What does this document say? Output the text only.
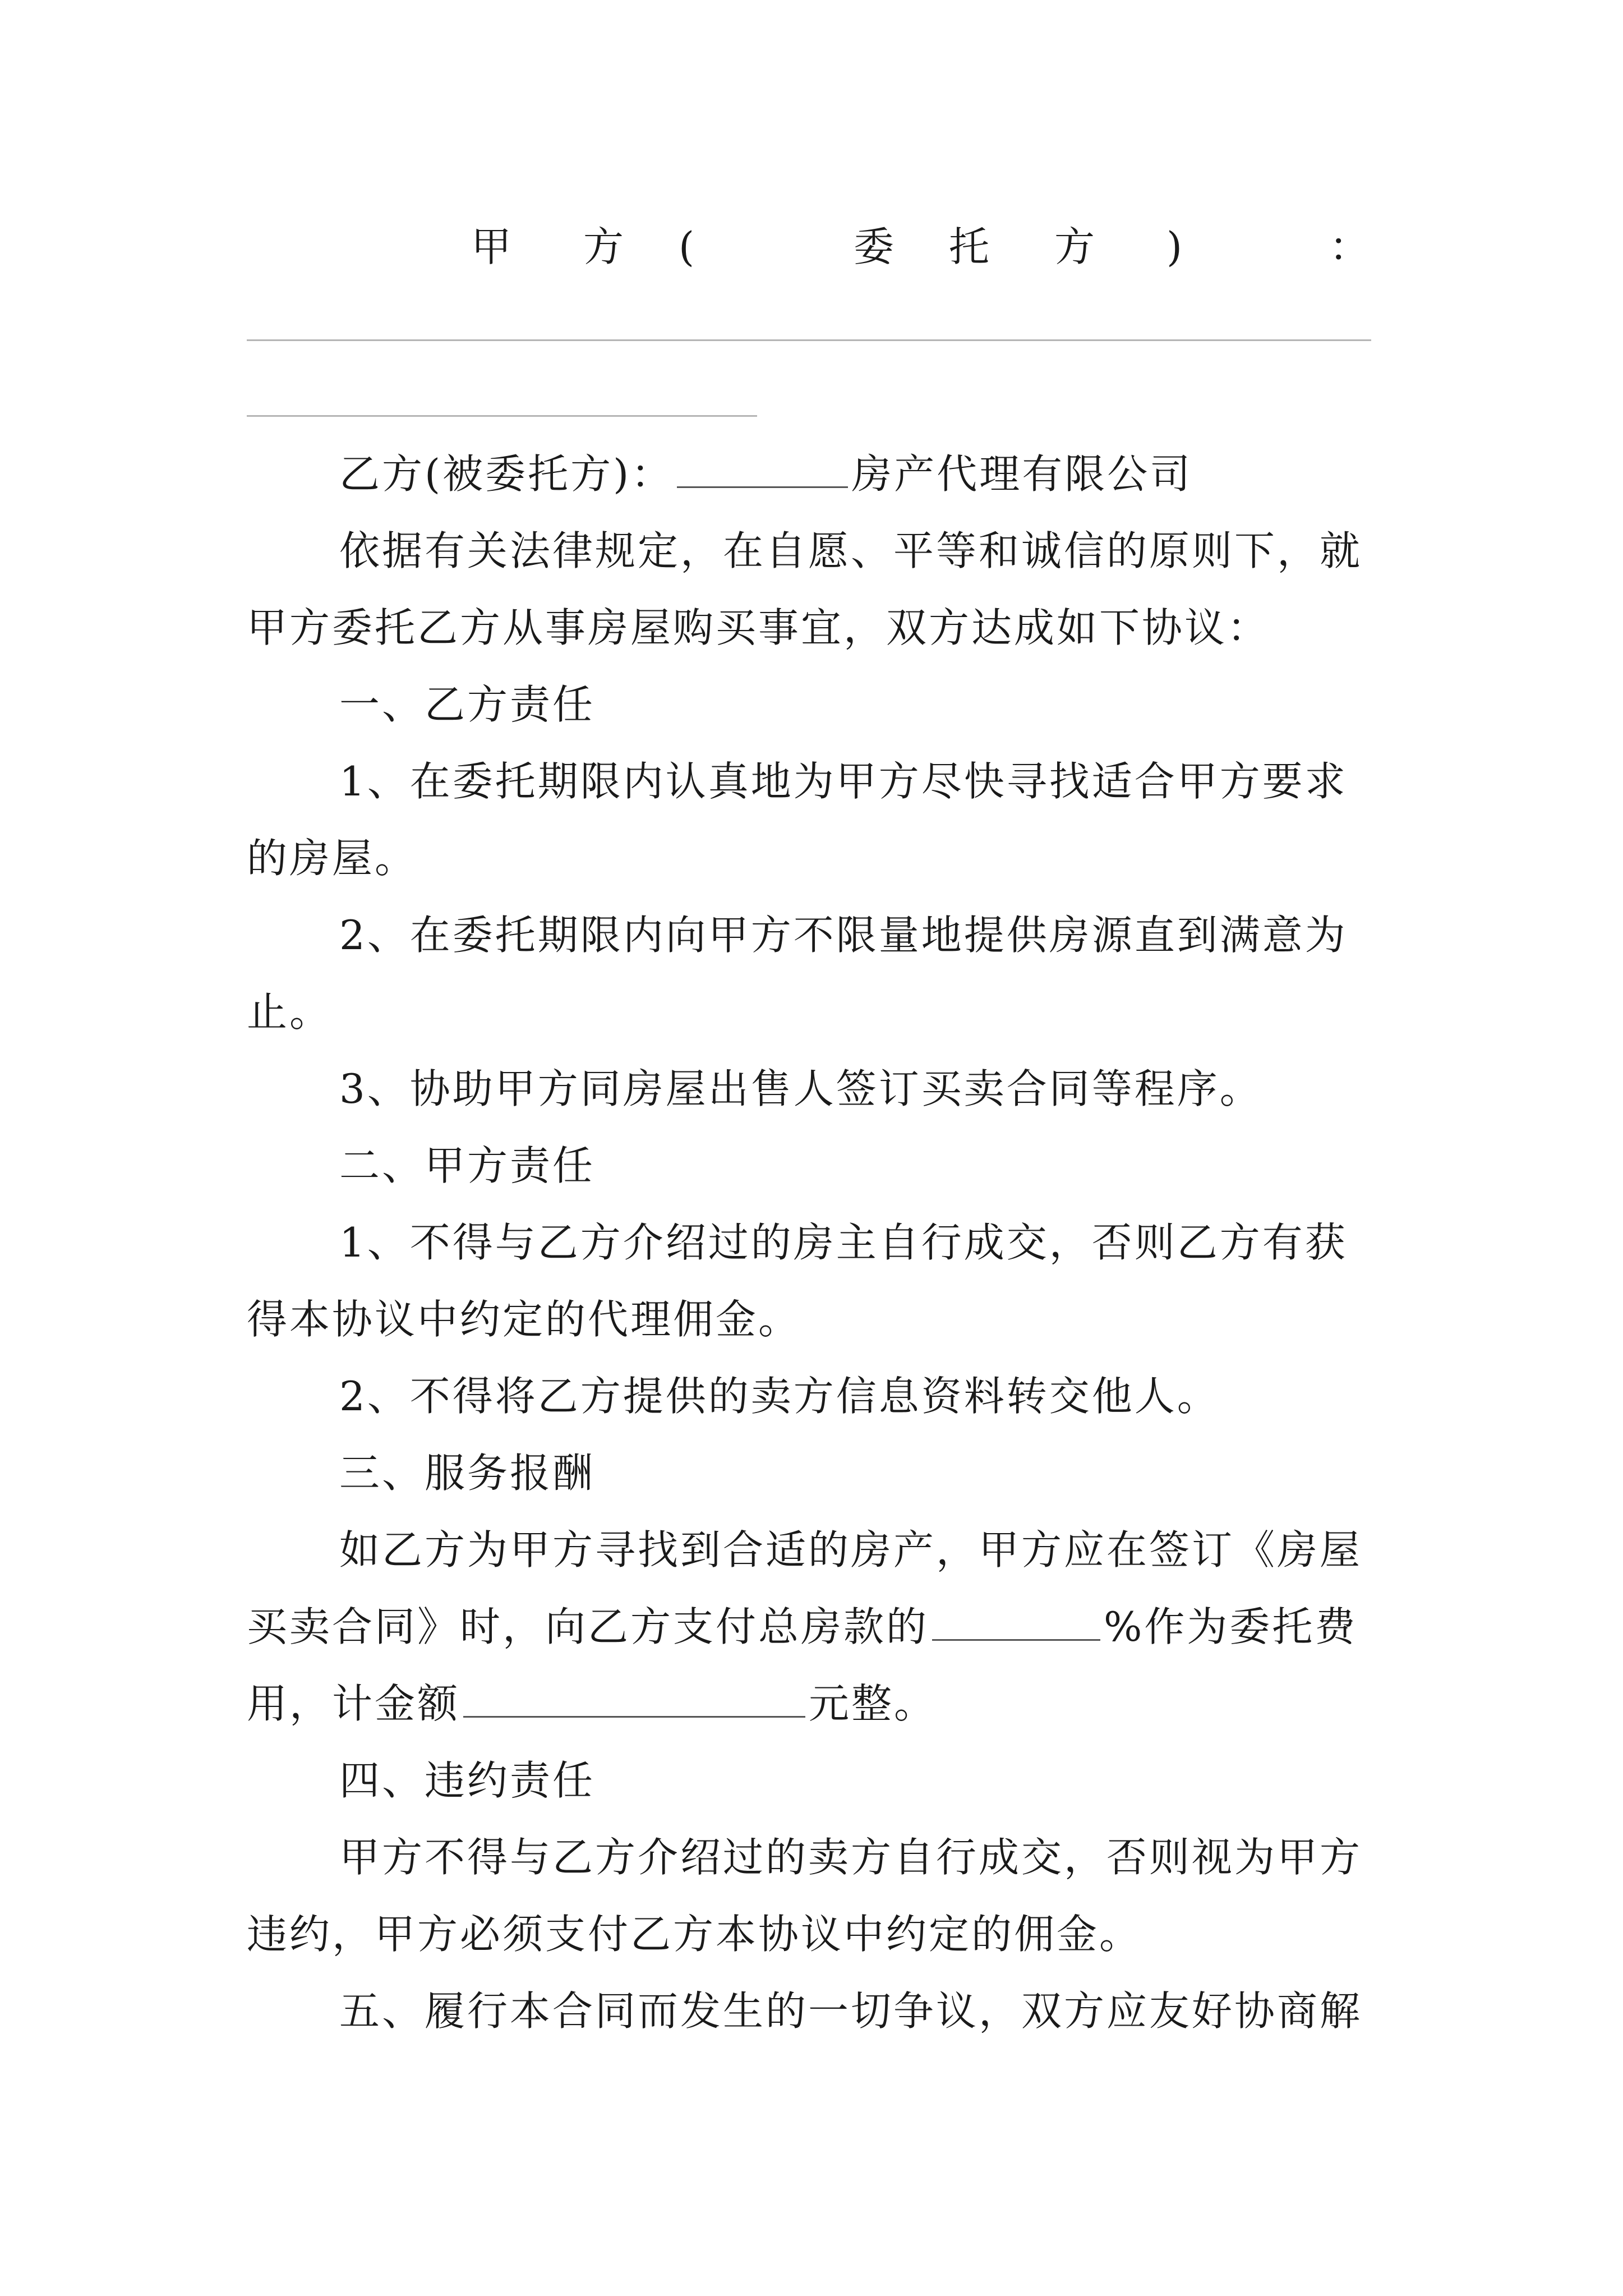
甲 方 (	委 托 方 )	：
乙方(被委托方)：	房产代理有限公司
依据有关法律规定，在自愿、平等和诚信的原则下，就
甲方委托乙方从事房屋购买事宜，双方达成如下协议：
一、乙方责任
1、在委托期限内认真地为甲方尽快寻找适合甲方要求
的房屋。
2、在委托期限内向甲方不限量地提供房源直到满意为
止。
3、协助甲方同房屋出售人签订买卖合同等程序。
二、甲方责任
1、不得与乙方介绍过的房主自行成交，否则乙方有获
得本协议中约定的代理佣金。
2、不得将乙方提供的卖方信息资料转交他人。
三、服务报酬
如乙方为甲方寻找到合适的房产，甲方应在签订《房屋
买卖合同》时，向乙方支付总房款的	%作为委托费
用，计金额	元整。
四、违约责任
甲方不得与乙方介绍过的卖方自行成交，否则视为甲方
违约，甲方必须支付乙方本协议中约定的佣金。
五、履行本合同而发生的一切争议，双方应友好协商解
